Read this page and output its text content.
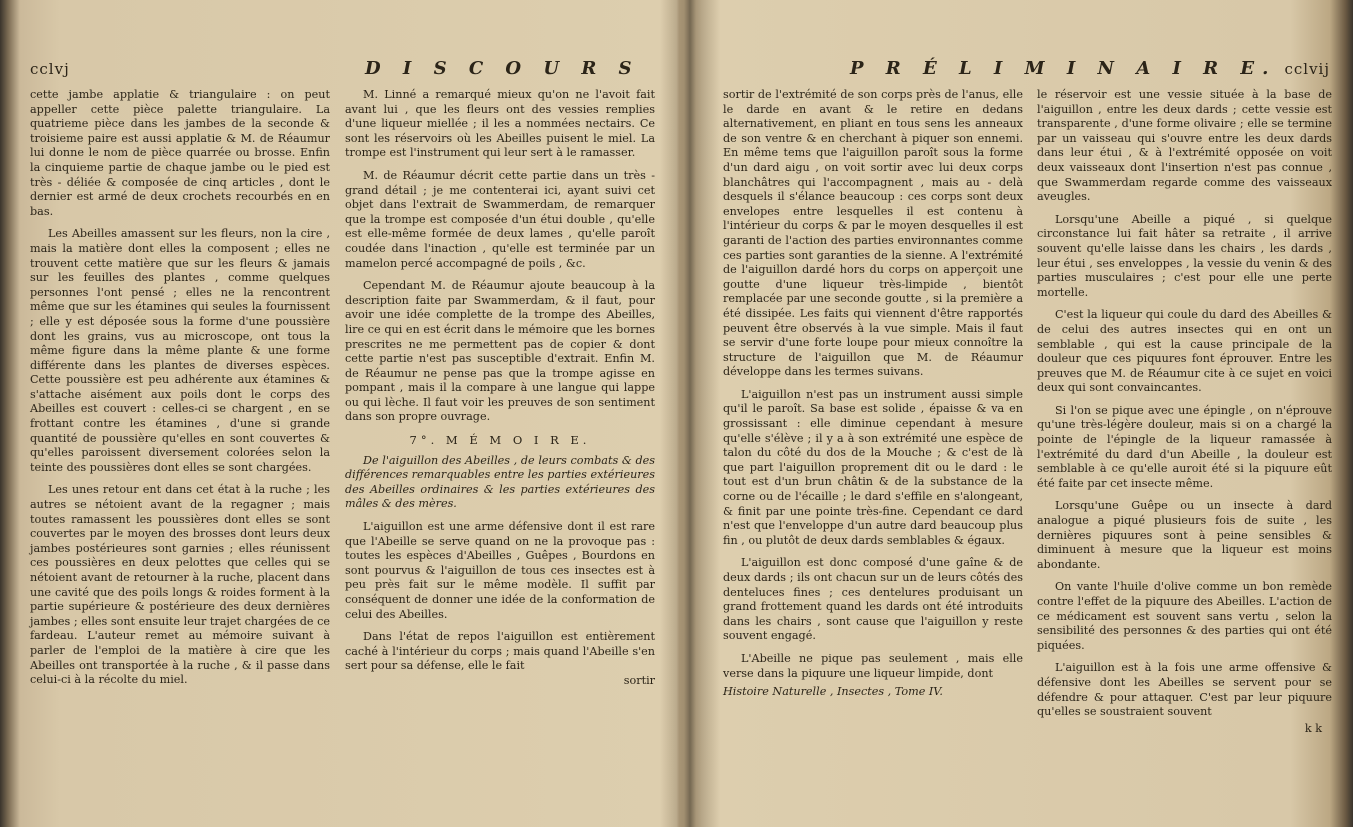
cclvj	D I S C O U R S

cette jambe applatie & triangulaire : on peut appeller cette pièce palette triangulaire. La quatrieme pièce dans les jambes de la seconde & troisieme paire est aussi applatie & M. de Réaumur lui donne le nom de pièce quarrée ou brosse. Enfin la cinquieme partie de chaque jambe ou le pied est très - déliée & composée de cinq articles , dont le dernier est armé de deux crochets recourbés en en bas.

Les Abeilles amassent sur les fleurs, non la cire , mais la matière dont elles la composent ; elles ne trouvent cette matière que sur les fleurs & jamais sur les feuilles des plantes , comme quelques personnes l'ont pensé ; elles ne la rencontrent même que sur les étamines qui seules la fournissent ; elle y est déposée sous la forme d'une poussière dont les grains, vus au microscope, ont tous la même figure dans la même plante & une forme différente dans les plantes de diverses espèces. Cette poussière est peu adhérente aux étamines & s'attache aisément aux poils dont le corps des Abeilles est couvert : celles-ci se chargent , en se frottant contre les étamines , d'une si grande quantité de poussière qu'elles en sont couvertes & qu'elles paroissent diversement colorées selon la teinte des poussières dont elles se sont chargées.

Les unes retour ent dans cet état à la ruche ; les autres se nétoient avant de la regagner ; mais toutes ramassent les poussières dont elles se sont couvertes par le moyen des brosses dont leurs deux jambes postérieures sont garnies ; elles réunissent ces poussières en deux pelottes que celles qui se nétoient avant de retourner à la ruche, placent dans une cavité que des poils longs & roides forment à la partie supérieure & postérieure des deux dernières jambes ; elles sont ensuite leur trajet chargées de ce fardeau. L'auteur remet au mémoire suivant à parler de l'emploi de la matière à cire que les Abeilles ont transportée à la ruche , & il passe dans celui-ci à la récolte du miel.

M. Linné a remarqué mieux qu'on ne l'avoit fait avant lui , que les fleurs ont des vessies remplies d'une liqueur miellée ; il les a nommées nectairs. Ce sont les réservoirs où les Abeilles puisent le miel. La trompe est l'instrument qui leur sert à le ramasser.

M. de Réaumur décrit cette partie dans un très - grand détail ; je me contenterai ici, ayant suivi cet objet dans l'extrait de Swammerdam, de remarquer que la trompe est composée d'un étui double , qu'elle est elle-même formée de deux lames , qu'elle paroît coudée dans l'inaction , qu'elle est terminée par un mamelon percé accompagné de poils , &c.

Cependant M. de Réaumur ajoute beaucoup à la description faite par Swammerdam, & il faut, pour avoir une idée complette de la trompe des Abeilles, lire ce qui en est écrit dans le mémoire que les bornes prescrites ne me permettent pas de copier & dont cette partie n'est pas susceptible d'extrait. Enfin M. de Réaumur ne pense pas que la trompe agisse en pompant , mais il la compare à une langue qui lappe ou qui lèche. Il faut voir les preuves de son sentiment dans son propre ouvrage.

7°. M É M O I R E.

De l'aiguillon des Abeilles , de leurs combats & des différences remarquables entre les parties extérieures des Abeilles ordinaires & les parties extérieures des mâles & des mères.

L'aiguillon est une arme défensive dont il est rare que l'Abeille se serve quand on ne la provoque pas : toutes les espèces d'Abeilles , Guêpes , Bourdons en sont pourvus & l'aiguillon de tous ces insectes est à peu près fait sur le même modèle. Il suffit par conséquent de donner une idée de la conformation de celui des Abeilles.

Dans l'état de repos l'aiguillon est entièrement caché à l'intérieur du corps ; mais quand l'Abeille s'en sert pour sa défense, elle le fait

sortir
P R É L I M I N A I R E. cclvij

sortir de l'extrémité de son corps près de l'anus, elle le darde en avant & le retire en dedans alternativement, en pliant en tous sens les anneaux de son ventre & en cherchant à piquer son ennemi. En même tems que l'aiguillon paroît sous la forme d'un dard aigu , on voit sortir avec lui deux corps blanchâtres qui l'accompagnent , mais au - delà desquels il s'élance beaucoup : ces corps sont deux envelopes entre lesquelles il est contenu à l'intérieur du corps & par le moyen desquelles il est garanti de l'action des parties environnantes comme ces parties sont garanties de la sienne. A l'extrémité de l'aiguillon dardé hors du corps on apperçoit une goutte d'une liqueur très-limpide , bientôt remplacée par une seconde goutte , si la première a été dissipée. Les faits qui viennent d'être rapportés peuvent être observés à la vue simple. Mais il faut se servir d'une forte loupe pour mieux connoître la structure de l'aiguillon que M. de Réaumur développe dans les termes suivans.

L'aiguillon n'est pas un instrument aussi simple qu'il le paroît. Sa base est solide , épaisse & va en grossissant : elle diminue cependant à mesure qu'elle s'élève ; il y a à son extrémité une espèce de talon du côté du dos de la Mouche ; & c'est de là que part l'aiguillon proprement dit ou le dard : le tout est d'un brun châtin & de la substance de la corne ou de l'écaille ; le dard s'effile en s'alongeant, & finit par une pointe très-fine. Cependant ce dard n'est que l'enveloppe d'un autre dard beaucoup plus fin , ou plutôt de deux dards semblables & égaux.

L'aiguillon est donc composé d'une gaîne & de deux dards ; ils ont chacun sur un de leurs côtés des denteluces fines ; ces dentelures produisant un grand frottement quand les dards ont été introduits dans les chairs , sont cause que l'aiguillon y reste souvent engagé.

L'Abeille ne pique pas seulement , mais elle verse dans la piquure une liqueur limpide, dont

Histoire Naturelle , Insectes , Tome IV.

le réservoir est une vessie située à la base de l'aiguillon , entre les deux dards ; cette vessie est transparente , d'une forme olivaire ; elle se termine par un vaisseau qui s'ouvre entre les deux dards dans leur étui , & à l'extrémité opposée on voit deux vaisseaux dont l'insertion n'est pas connue , que Swammerdam regarde comme des vaisseaux aveugles.

Lorsqu'une Abeille a piqué , si quelque circonstance lui fait hâter sa retraite , il arrive souvent qu'elle laisse dans les chairs , les dards , leur étui , ses enveloppes , la vessie du venin & des parties musculaires ; c'est pour elle une perte mortelle.

C'est la liqueur qui coule du dard des Abeilles & de celui des autres insectes qui en ont un semblable , qui est la cause principale de la douleur que ces piquures font éprouver. Entre les preuves que M. de Réaumur cite à ce sujet en voici deux qui sont convaincantes.

Si l'on se pique avec une épingle , on n'éprouve qu'une très-légère douleur, mais si on a chargé la pointe de l'épingle de la liqueur ramassée à l'extrémité du dard d'un Abeille , la douleur est semblable à ce qu'elle auroit été si la piquure eût été faite par cet insecte même.

Lorsqu'une Guêpe ou un insecte à dard analogue a piqué plusieurs fois de suite , les dernières piquures sont à peine sensibles & diminuent à mesure que la liqueur est moins abondante.

On vante l'huile d'olive comme un bon remède contre l'effet de la piquure des Abeilles. L'action de ce médicament est souvent sans vertu , selon la sensibilité des personnes & des parties qui ont été piquées.

L'aiguillon est à la fois une arme offensive & défensive dont les Abeilles se servent pour se défendre & pour attaquer. C'est par leur piquure qu'elles se soustraient souvent

k k
